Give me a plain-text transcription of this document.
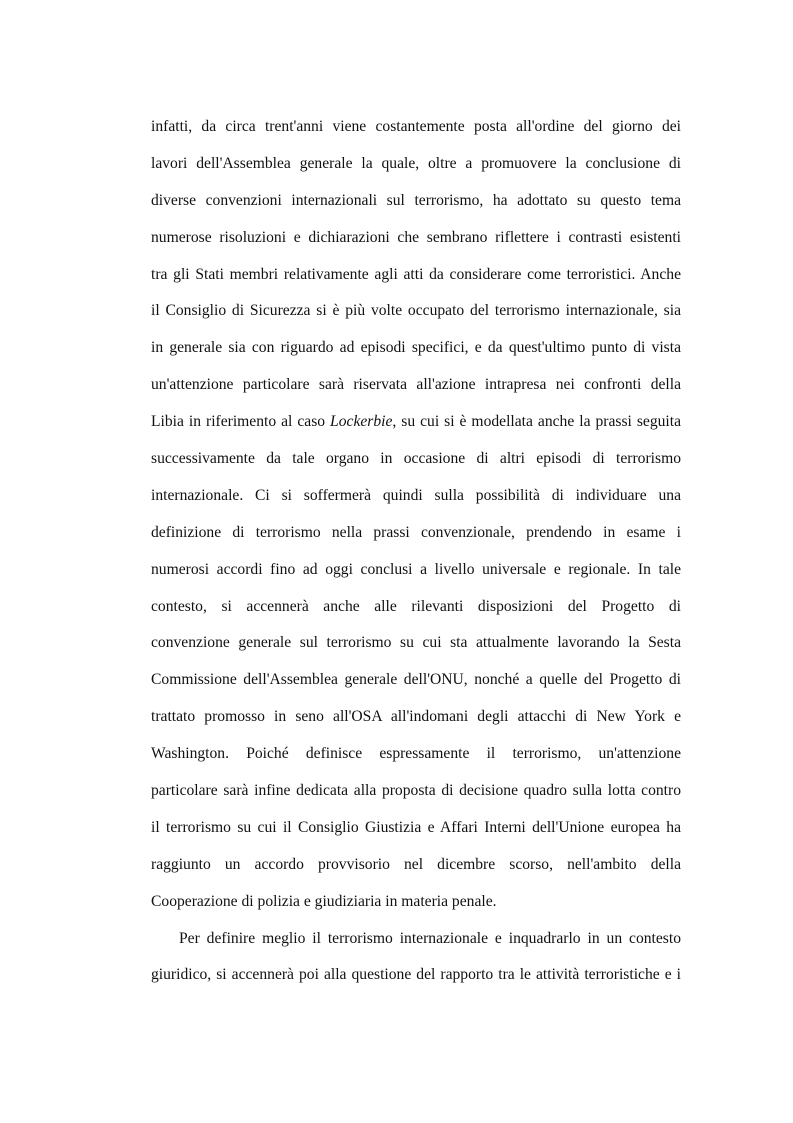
infatti, da circa trent'anni viene costantemente posta all'ordine del giorno dei
lavori dell'Assemblea generale la quale, oltre a promuovere la conclusione di
diverse convenzioni internazionali sul terrorismo, ha adottato su questo tema
numerose risoluzioni e dichiarazioni che sembrano riflettere i contrasti esistenti
tra gli Stati membri relativamente agli atti da considerare come terroristici. Anche
il Consiglio di Sicurezza si è più volte occupato del terrorismo internazionale, sia
in generale sia con riguardo ad episodi specifici, e da quest'ultimo punto di vista
un'attenzione particolare sarà riservata all'azione intrapresa nei confronti della
Libia in riferimento al caso Lockerbie, su cui si è modellata anche la prassi seguita
successivamente da tale organo in occasione di altri episodi di terrorismo
internazionale. Ci si soffermerà quindi sulla possibilità di individuare una
definizione di terrorismo nella prassi convenzionale, prendendo in esame i
numerosi accordi fino ad oggi conclusi a livello universale e regionale. In tale
contesto, si accennerà anche alle rilevanti disposizioni del Progetto di
convenzione generale sul terrorismo su cui sta attualmente lavorando la Sesta
Commissione dell'Assemblea generale dell'ONU, nonché a quelle del Progetto di
trattato promosso in seno all'OSA all'indomani degli attacchi di New York e
Washington. Poiché definisce espressamente il terrorismo, un'attenzione
particolare sarà infine dedicata alla proposta di decisione quadro sulla lotta contro
il terrorismo su cui il Consiglio Giustizia e Affari Interni dell'Unione europea ha
raggiunto un accordo provvisorio nel dicembre scorso, nell'ambito della
Cooperazione di polizia e giudiziaria in materia penale.
Per definire meglio il terrorismo internazionale e inquadrarlo in un contesto
giuridico, si accennerà poi alla questione del rapporto tra le attività terroristiche e i
